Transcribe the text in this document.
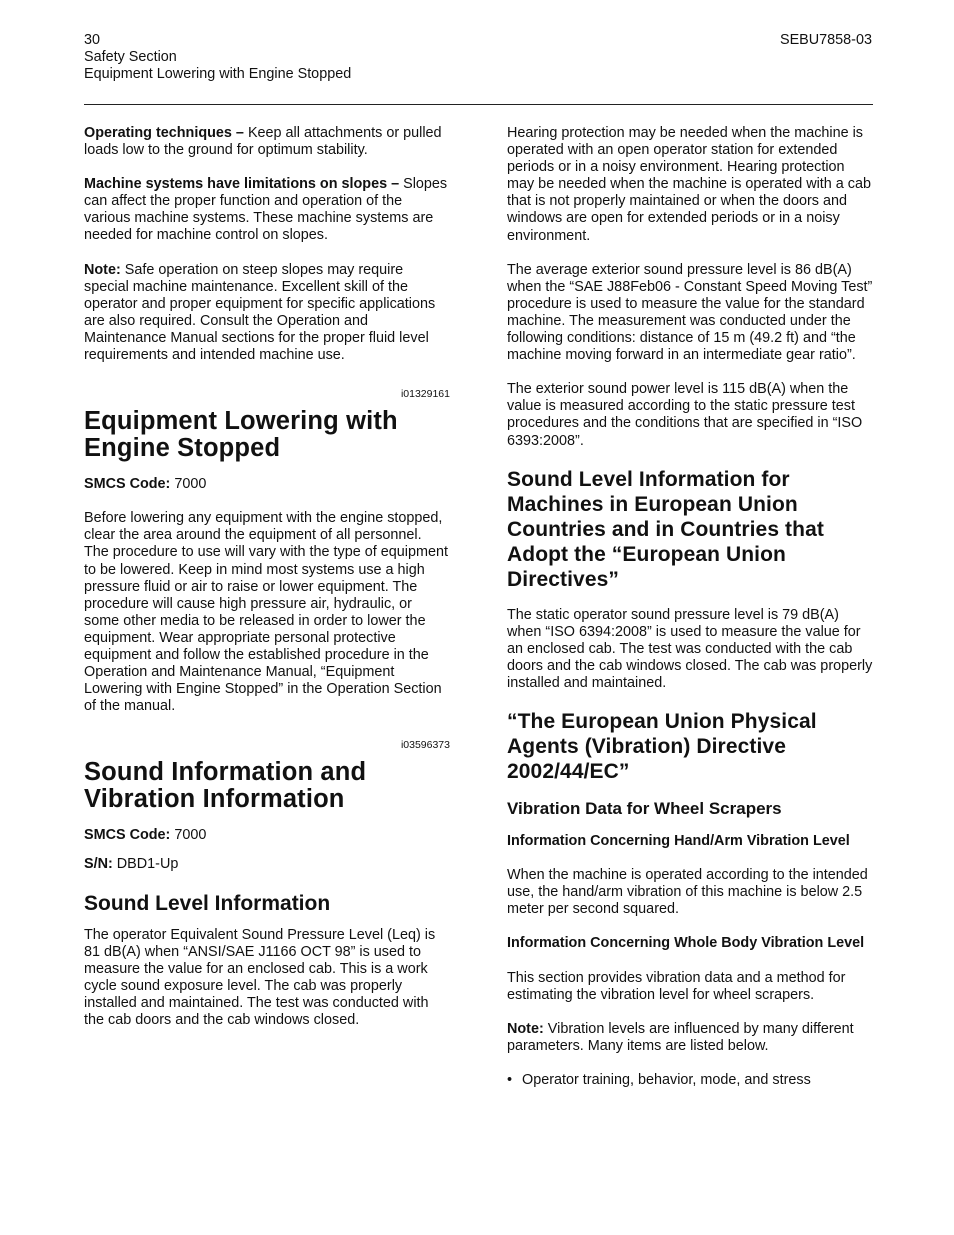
30
Safety Section
Equipment Lowering with Engine Stopped
SEBU7858-03

Operating techniques – Keep all attachments or pulled loads low to the ground for optimum stability.

Machine systems have limitations on slopes – Slopes can affect the proper function and operation of the various machine systems. These machine systems are needed for machine control on slopes.

Note: Safe operation on steep slopes may require special machine maintenance. Excellent skill of the operator and proper equipment for specific applications are also required. Consult the Operation and Maintenance Manual sections for the proper fluid level requirements and intended machine use.

i01329161
Equipment Lowering with Engine Stopped

SMCS Code: 7000

Before lowering any equipment with the engine stopped, clear the area around the equipment of all personnel. The procedure to use will vary with the type of equipment to be lowered. Keep in mind most systems use a high pressure fluid or air to raise or lower equipment. The procedure will cause high pressure air, hydraulic, or some other media to be released in order to lower the equipment. Wear appropriate personal protective equipment and follow the established procedure in the Operation and Maintenance Manual, “Equipment Lowering with Engine Stopped” in the Operation Section of the manual.

i03596373
Sound Information and Vibration Information

SMCS Code: 7000

S/N: DBD1-Up

Sound Level Information

The operator Equivalent Sound Pressure Level (Leq) is 81 dB(A) when “ANSI/SAE J1166 OCT 98” is used to measure the value for an enclosed cab. This is a work cycle sound exposure level. The cab was properly installed and maintained. The test was conducted with the cab doors and the cab windows closed.

Hearing protection may be needed when the machine is operated with an open operator station for extended periods or in a noisy environment. Hearing protection may be needed when the machine is operated with a cab that is not properly maintained or when the doors and windows are open for extended periods or in a noisy environment.

The average exterior sound pressure level is 86 dB(A) when the “SAE J88Feb06 - Constant Speed Moving Test” procedure is used to measure the value for the standard machine. The measurement was conducted under the following conditions: distance of 15 m (49.2 ft) and “the machine moving forward in an intermediate gear ratio”.

The exterior sound power level is 115 dB(A) when the value is measured according to the static pressure test procedures and the conditions that are specified in “ISO 6393:2008”.

Sound Level Information for Machines in European Union Countries and in Countries that Adopt the “European Union Directives”

The static operator sound pressure level is 79 dB(A) when “ISO 6394:2008” is used to measure the value for an enclosed cab. The test was conducted with the cab doors and the cab windows closed. The cab was properly installed and maintained.

“The European Union Physical Agents (Vibration) Directive 2002/44/EC”
Vibration Data for Wheel Scrapers
Information Concerning Hand/Arm Vibration Level

When the machine is operated according to the intended use, the hand/arm vibration of this machine is below 2.5 meter per second squared.

Information Concerning Whole Body Vibration Level

This section provides vibration data and a method for estimating the vibration level for wheel scrapers.

Note: Vibration levels are influenced by many different parameters. Many items are listed below.

• Operator training, behavior, mode, and stress
